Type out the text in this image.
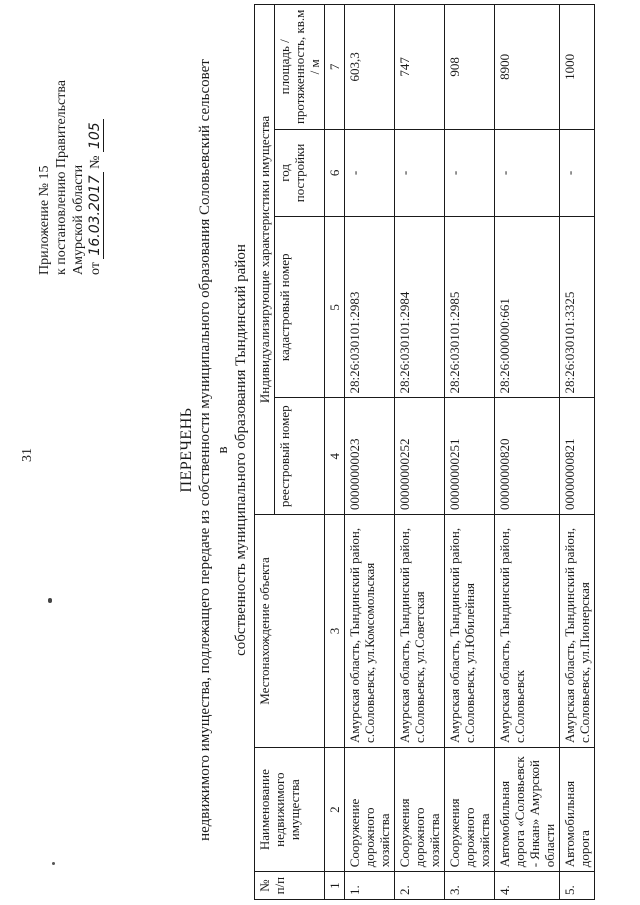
31
Приложение № 15 к постановлению Правительства Амурской области от 16.03.2017 № 105
ПЕРЕЧЕНЬ недвижимого имущества, подлежащего передаче из собственности муниципального образования Соловьевский сельсовет в собственность муниципального образования Тындинский район
№ п/п	Наименование недвижимого имущества	Местонахождение объекта	Индивидуализирующие характеристики имущества			
			реестровый номер	кадастровый номер	год постройки	площадь / протяженность, кв.м / м
1	2	3	4	5	6	7
1.	Сооружение дорожного хозяйства	Амурская область, Тындинский район, с.Соловьевск, ул.Комсомольская	00000000023	28:26:030101:2983	-	603,3
2.	Сооружения дорожного хозяйства	Амурская область, Тындинский район, с.Соловьевск, ул.Советская	00000000252	28:26:030101:2984	-	747
3.	Сооружения дорожного хозяйства	Амурская область, Тындинский район, с.Соловьевск, ул.Юбилейная	00000000251	28:26:030101:2985	-	908
4.	Автомобильная дорога «Соловьевск - Янкан» Амурской области	Амурская область, Тындинский район, с.Соловьевск	00000000820	28:26:000000:661	-	8900
5.	Автомобильная дорога	Амурская область, Тындинский район, с.Соловьевск, ул.Пионерская	00000000821	28:26:030101:3325	-	1000
